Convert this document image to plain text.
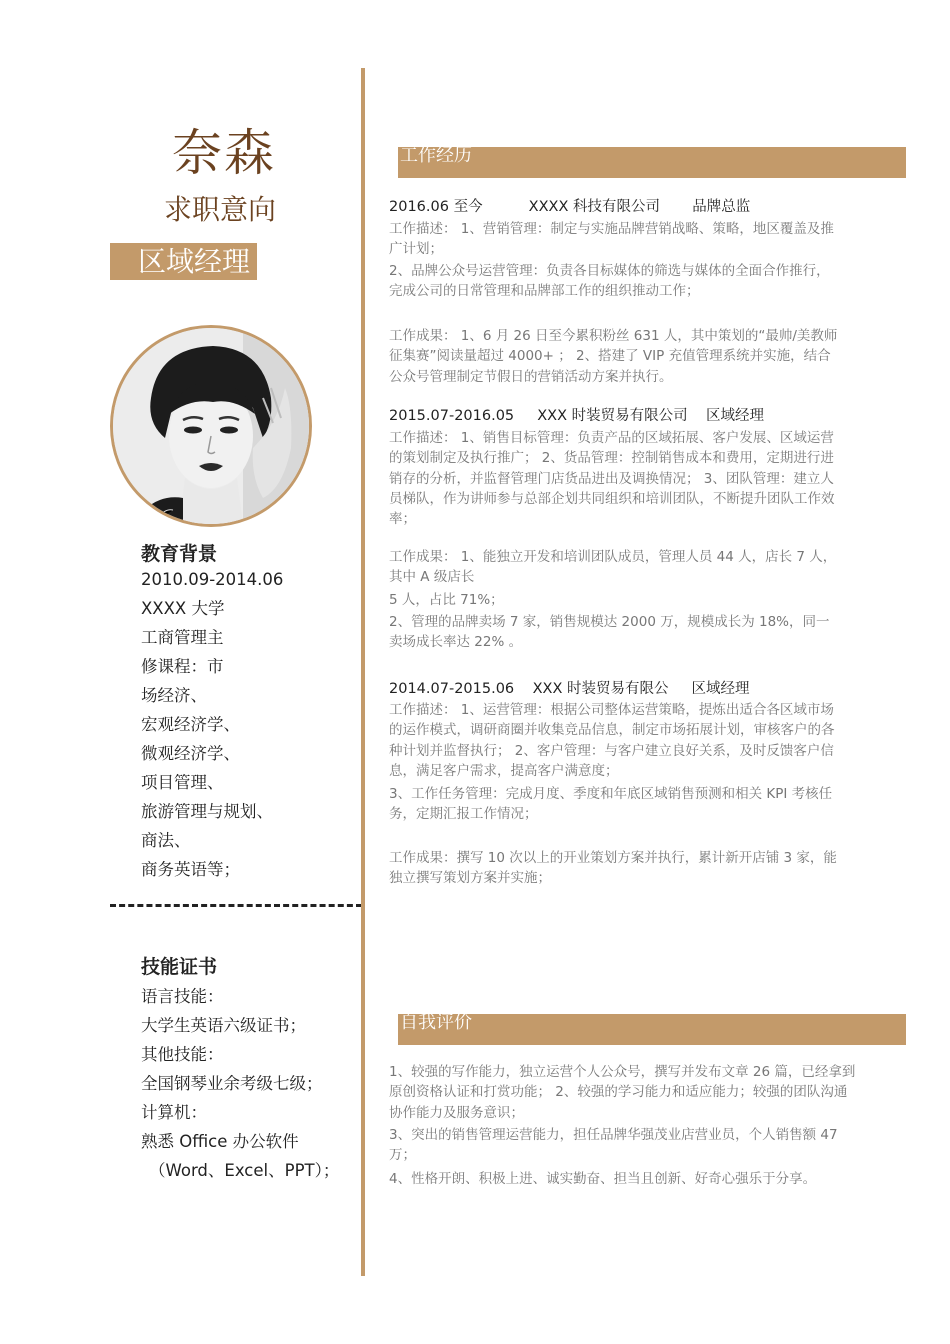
奈森
求职意向
区域经理
教育背景
2010.09-2014.06
XXXX 大学
工商管理主
修课程：市
场经济、
宏观经济学、
微观经济学、
项目管理、
旅游管理与规划、
商法、
商务英语等；
技能证书
语言技能：
大学生英语六级证书；
其他技能：
全国钢琴业余考级七级；
计算机：
熟悉 Office 办公软件
（Word、Excel、PPT）；
工作经历
2016.06 至今          XXXX 科技有限公司       品牌总监
工作描述： 1、营销管理：制定与实施品牌营销战略、策略，地区覆盖及推广计划；
2、品牌公众号运营管理：负责各目标媒体的筛选与媒体的全面合作推行，完成公司的日常管理和品牌部工作的组织推动工作；
工作成果： 1、6 月 26 日至今累积粉丝 631 人，其中策划的“最帅/美教师征集赛”阅读量超过 4000+ ； 2、搭建了 VIP 充值管理系统并实施，结合公众号管理制定节假日的营销活动方案并执行。
2015.07-2016.05     XXX 时装贸易有限公司    区域经理
工作描述： 1、销售目标管理：负责产品的区域拓展、客户发展、区域运营的策划制定及执行推广； 2、货品管理：控制销售成本和费用，定期进行进销存的分析，并监督管理门店货品进出及调换情况； 3、团队管理：建立人员梯队，作为讲师参与总部企划共同组织和培训团队，不断提升团队工作效率；
工作成果： 1、能独立开发和培训团队成员，管理人员 44 人，店长 7 人，其中 A 级店长
5 人，占比 71%；
2、管理的品牌卖场 7 家，销售规模达 2000 万，规模成长为 18%，同一卖场成长率达 22% 。
2014.07-2015.06    XXX 时装贸易有限公     区域经理
工作描述： 1、运营管理：根据公司整体运营策略，提炼出适合各区域市场的运作模式，调研商圈并收集竞品信息，制定市场拓展计划，审核客户的各种计划并监督执行； 2、客户管理：与客户建立良好关系，及时反馈客户信息，满足客户需求，提高客户满意度；
3、工作任务管理：完成月度、季度和年底区域销售预测和相关 KPI 考核任务，定期汇报工作情况；
工作成果：撰写 10 次以上的开业策划方案并执行，累计新开店铺 3 家，能独立撰写策划方案并实施；
自我评价
1、较强的写作能力，独立运营个人公众号，撰写并发布文章 26 篇，已经拿到原创资格认证和打赏功能； 2、较强的学习能力和适应能力；较强的团队沟通协作能力及服务意识；
3、突出的销售管理运营能力，担任品牌华强茂业店营业员，个人销售额 47 万；
4、性格开朗、积极上进、诚实勤奋、担当且创新、好奇心强乐于分享。
